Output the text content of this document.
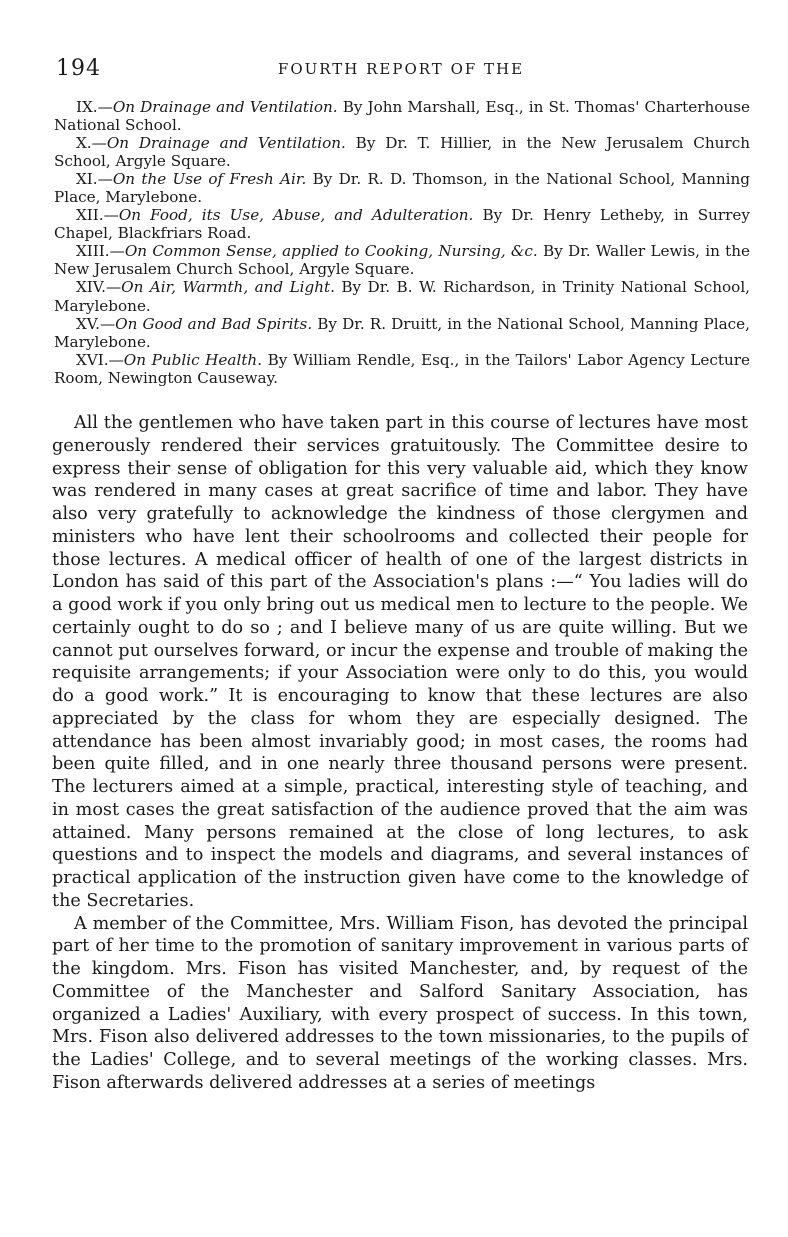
194	FOURTH REPORT OF THE

IX.—On Drainage and Ventilation. By John Marshall, Esq., in St. Thomas' Charterhouse National School.

X.—On Drainage and Ventilation. By Dr. T. Hillier, in the New Jerusalem Church School, Argyle Square.

XI.—On the Use of Fresh Air. By Dr. R. D. Thomson, in the National School, Manning Place, Marylebone.

XII.—On Food, its Use, Abuse, and Adulteration. By Dr. Henry Letheby, in Surrey Chapel, Blackfriars Road.

XIII.—On Common Sense, applied to Cooking, Nursing, &c. By Dr. Waller Lewis, in the New Jerusalem Church School, Argyle Square.

XIV.—On Air, Warmth, and Light. By Dr. B. W. Richardson, in Trinity National School, Marylebone.

XV.—On Good and Bad Spirits. By Dr. R. Druitt, in the National School, Manning Place, Marylebone.

XVI.—On Public Health. By William Rendle, Esq., in the Tailors' Labor Agency Lecture Room, Newington Causeway.

All the gentlemen who have taken part in this course of lectures have most generously rendered their services gratuitously. The Committee desire to express their sense of obligation for this very valuable aid, which they know was rendered in many cases at great sacrifice of time and labor. They have also very gratefully to acknowledge the kindness of those clergymen and ministers who have lent their schoolrooms and collected their people for those lectures. A medical officer of health of one of the largest districts in London has said of this part of the Association's plans :—“ You ladies will do a good work if you only bring out us medical men to lecture to the people. We certainly ought to do so ; and I believe many of us are quite willing. But we cannot put ourselves forward, or incur the expense and trouble of making the requisite arrangements; if your Association were only to do this, you would do a good work.” It is encouraging to know that these lectures are also appreciated by the class for whom they are especially designed. The attendance has been almost invariably good; in most cases, the rooms had been quite filled, and in one nearly three thousand persons were present. The lecturers aimed at a simple, practical, interesting style of teaching, and in most cases the great satisfaction of the audience proved that the aim was attained. Many persons remained at the close of long lectures, to ask questions and to inspect the models and diagrams, and several instances of practical application of the instruction given have come to the knowledge of the Secretaries.

A member of the Committee, Mrs. William Fison, has devoted the principal part of her time to the promotion of sanitary improvement in various parts of the kingdom. Mrs. Fison has visited Manchester, and, by request of the Committee of the Manchester and Salford Sanitary Association, has organized a Ladies' Auxiliary, with every prospect of success. In this town, Mrs. Fison also delivered addresses to the town missionaries, to the pupils of the Ladies' College, and to several meetings of the working classes. Mrs. Fison afterwards delivered addresses at a series of meetings
